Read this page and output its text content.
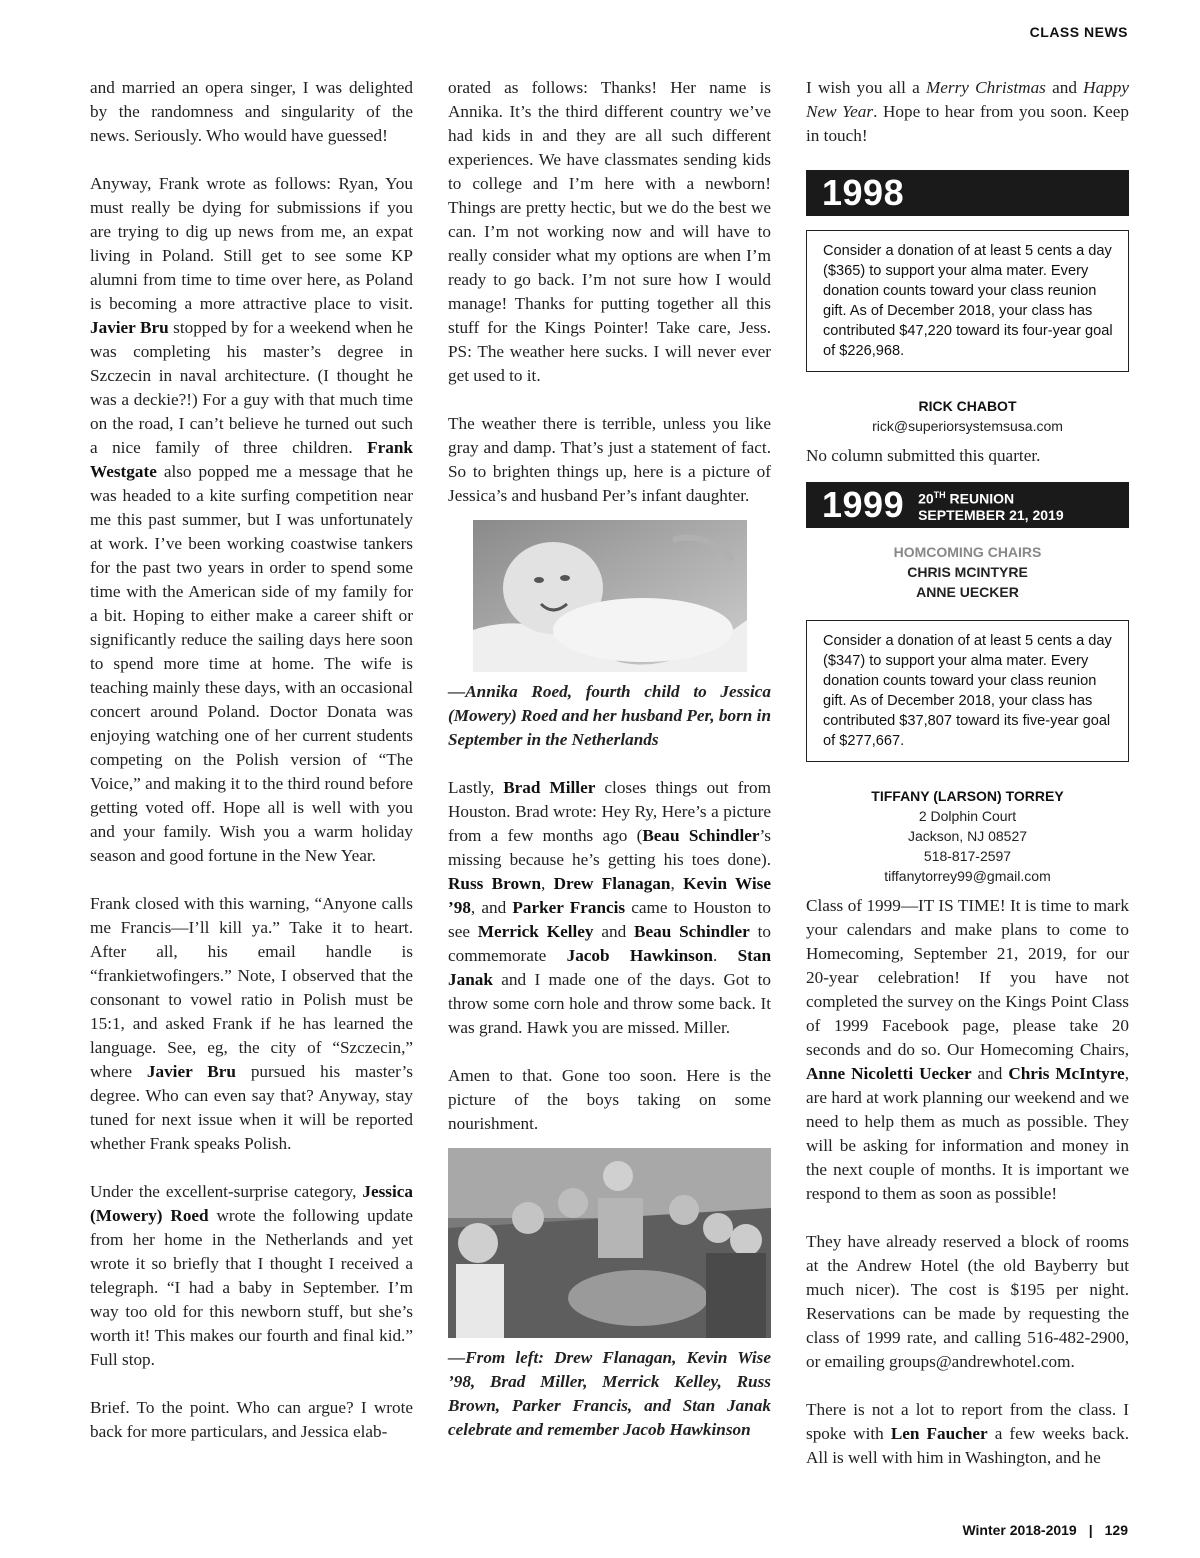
CLASS NEWS

and married an opera singer, I was delighted by the randomness and singularity of the news. Seriously. Who would have guessed!

Anyway, Frank wrote as follows: Ryan, You must really be dying for submissions if you are trying to dig up news from me, an expat living in Poland. Still get to see some KP alumni from time to time over here, as Poland is becoming a more attractive place to visit. Javier Bru stopped by for a weekend when he was completing his master’s degree in Szczecin in naval architecture. (I thought he was a deckie?!) For a guy with that much time on the road, I can’t believe he turned out such a nice family of three children. Frank Westgate also popped me a message that he was headed to a kite surfing competition near me this past summer, but I was unfortunately at work. I’ve been working coastwise tankers for the past two years in order to spend some time with the American side of my family for a bit. Hoping to either make a career shift or significantly reduce the sailing days here soon to spend more time at home. The wife is teaching mainly these days, with an occasional concert around Poland. Doctor Donata was enjoying watching one of her current students competing on the Polish version of “The Voice,” and making it to the third round before getting voted off. Hope all is well with you and your family. Wish you a warm holiday season and good fortune in the New Year.

Frank closed with this warning, “Anyone calls me Francis—I’ll kill ya.” Take it to heart. After all, his email handle is “frankietwofingers.” Note, I observed that the consonant to vowel ratio in Polish must be 15:1, and asked Frank if he has learned the language. See, eg, the city of “Szczecin,” where Javier Bru pursued his master’s degree. Who can even say that? Anyway, stay tuned for next issue when it will be reported whether Frank speaks Polish.

Under the excellent-surprise category, Jessica (Mowery) Roed wrote the following update from her home in the Netherlands and yet wrote it so briefly that I thought I received a telegraph. “I had a baby in September. I’m way too old for this newborn stuff, but she’s worth it! This makes our fourth and final kid.” Full stop.

Brief. To the point. Who can argue? I wrote back for more particulars, and Jessica elab-

orated as follows: Thanks! Her name is Annika. It’s the third different country we’ve had kids in and they are all such different experiences. We have classmates sending kids to college and I’m here with a newborn! Things are pretty hectic, but we do the best we can. I’m not working now and will have to really consider what my options are when I’m ready to go back. I’m not sure how I would manage! Thanks for putting together all this stuff for the Kings Pointer! Take care, Jess. PS: The weather here sucks. I will never ever get used to it.

The weather there is terrible, unless you like gray and damp. That’s just a statement of fact. So to brighten things up, here is a picture of Jessica’s and husband Per’s infant daughter.

—Annika Roed, fourth child to Jessica (Mowery) Roed and her husband Per, born in September in the Netherlands

Lastly, Brad Miller closes things out from Houston. Brad wrote: Hey Ry, Here’s a picture from a few months ago (Beau Schindler’s missing because he’s getting his toes done). Russ Brown, Drew Flanagan, Kevin Wise ’98, and Parker Francis came to Houston to see Merrick Kelley and Beau Schindler to commemorate Jacob Hawkinson. Stan Janak and I made one of the days. Got to throw some corn hole and throw some back. It was grand. Hawk you are missed. Miller.

Amen to that. Gone too soon. Here is the picture of the boys taking on some nourishment.

—From left: Drew Flanagan, Kevin Wise ’98, Brad Miller, Merrick Kelley, Russ Brown, Parker Francis, and Stan Janak celebrate and remember Jacob Hawkinson

I wish you all a Merry Christmas and Happy New Year. Hope to hear from you soon. Keep in touch!

1998
Consider a donation of at least 5 cents a day ($365) to support your alma mater. Every donation counts toward your class reunion gift. As of December 2018, your class has contributed $47,220 toward its four-year goal of $226,968.
RICK CHABOT
rick@superiorsystemsusa.com

No column submitted this quarter.

1999 20TH REUNION
SEPTEMBER 21, 2019
HOMCOMING CHAIRS
CHRIS MCINTYRE
ANNE UECKER
Consider a donation of at least 5 cents a day ($347) to support your alma mater. Every donation counts toward your class reunion gift. As of December 2018, your class has contributed $37,807 toward its five-year goal of $277,667.
TIFFANY (LARSON) TORREY
2 Dolphin Court
Jackson, NJ 08527
518-817-2597
tiffanytorrey99@gmail.com

Class of 1999—IT IS TIME! It is time to mark your calendars and make plans to come to Homecoming, September 21, 2019, for our 20-year celebration! If you have not completed the survey on the Kings Point Class of 1999 Facebook page, please take 20 seconds and do so. Our Homecoming Chairs, Anne Nicoletti Uecker and Chris McIntyre, are hard at work planning our weekend and we need to help them as much as possible. They will be asking for information and money in the next couple of months. It is important we respond to them as soon as possible!

They have already reserved a block of rooms at the Andrew Hotel (the old Bayberry but much nicer). The cost is $195 per night. Reservations can be made by requesting the class of 1999 rate, and calling 516-482-2900, or emailing groups@andrewhotel.com.

There is not a lot to report from the class. I spoke with Len Faucher a few weeks back. All is well with him in Washington, and he

Winter 2018-2019 | 129
